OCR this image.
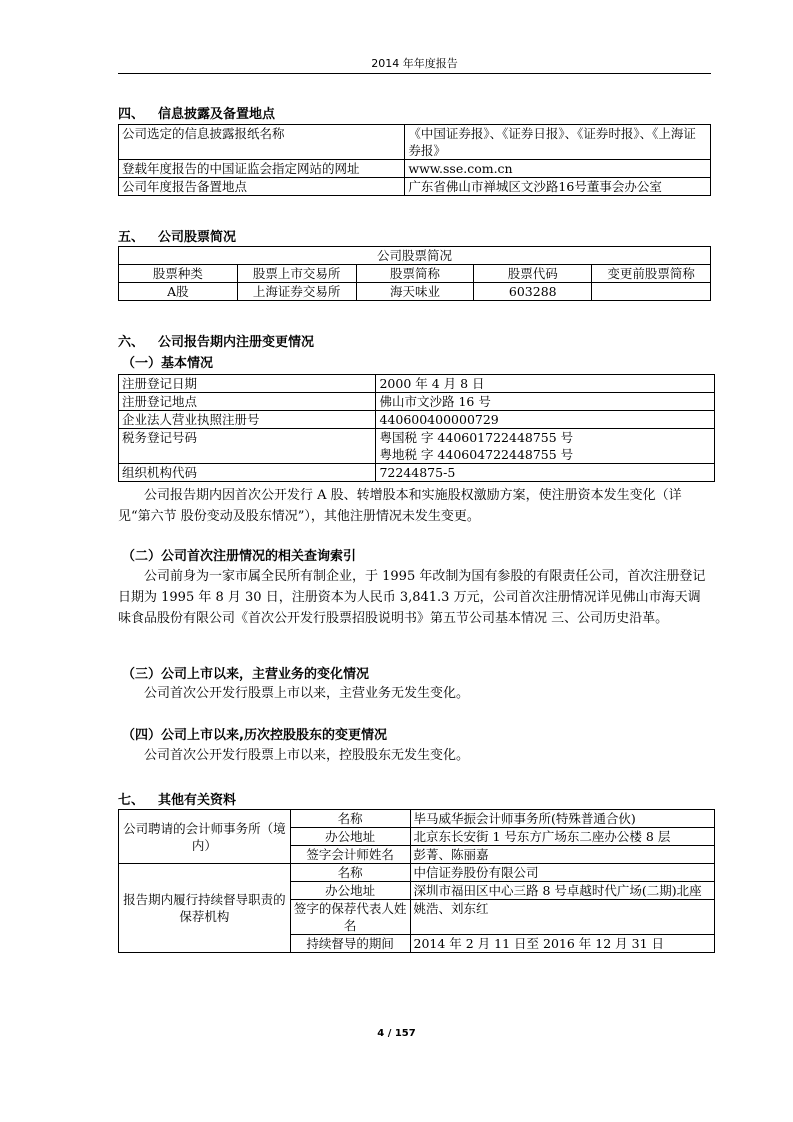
2014 年年度报告
四、 信息披露及备置地点
公司选定的信息披露报纸名称	《中国证券报》、《证券日报》、《证券时报》、《上海证券报》
登载年度报告的中国证监会指定网站的网址	www.sse.com.cn
公司年度报告备置地点	广东省佛山市禅城区文沙路16号董事会办公室
五、 公司股票简况
公司股票简况				
股票种类	股票上市交易所	股票简称	股票代码	变更前股票简称
A股	上海证券交易所	海天味业	603288	
六、 公司报告期内注册变更情况
（一）基本情况
注册登记日期	2000 年 4 月 8 日
注册登记地点	佛山市文沙路 16 号
企业法人营业执照注册号	440600400000729
税务登记号码	粤国税 字 440601722448755 号
粤地税 字 440604722448755 号

组织机构代码	72244875-5
公司报告期内因首次公开发行 A 股、转增股本和实施股权激励方案，使注册资本发生变化（详见“第六节 股份变动及股东情况”），其他注册情况未发生变更。
（二）公司首次注册情况的相关查询索引
公司前身为一家市属全民所有制企业，于 1995 年改制为国有参股的有限责任公司，首次注册登记日期为 1995 年 8 月 30 日，注册资本为人民币 3,841.3 万元，公司首次注册情况详见佛山市海天调味食品股份有限公司《首次公开发行股票招股说明书》第五节公司基本情况 三、公司历史沿革。
（三）公司上市以来，主营业务的变化情况
公司首次公开发行股票上市以来，主营业务无发生变化。
（四）公司上市以来,历次控股股东的变更情况
公司首次公开发行股票上市以来，控股股东无发生变化。
七、 其他有关资料
公司聘请的会计师事务所（境内）	名称	毕马威华振会计师事务所(特殊普通合伙)
	办公地址	北京东长安街 1 号东方广场东二座办公楼 8 层
	签字会计师姓名	彭菁、陈丽嘉
报告期内履行持续督导职责的保荐机构	名称	中信证券股份有限公司
	办公地址	深圳市福田区中心三路 8 号卓越时代广场(二期)北座
	签字的保荐代表人姓名	姚浩、刘东红
	持续督导的期间	2014 年 2 月 11 日至 2016 年 12 月 31 日
4 / 157
